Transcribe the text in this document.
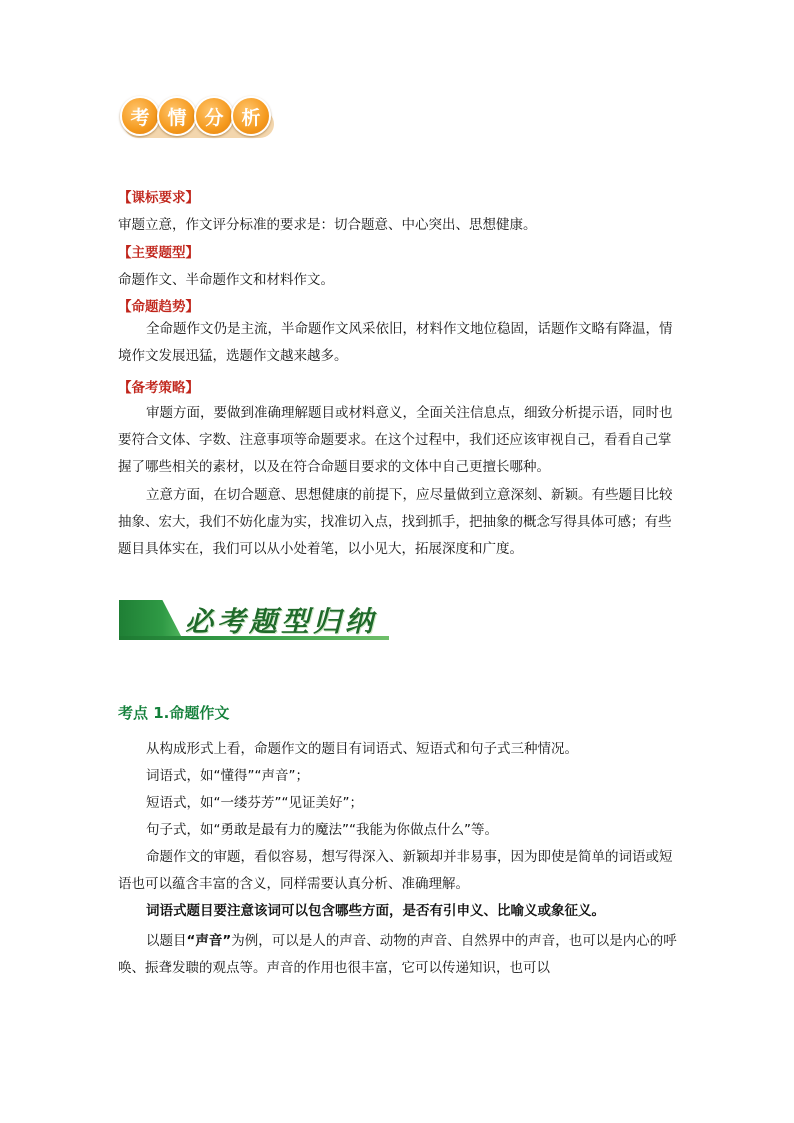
考 情 分 析
【课标要求】
审题立意，作文评分标准的要求是：切合题意、中心突出、思想健康。
【主要题型】
命题作文、半命题作文和材料作文。
【命题趋势】
全命题作文仍是主流，半命题作文风采依旧，材料作文地位稳固，话题作文略有降温，情境作文发展迅猛，选题作文越来越多。
【备考策略】
审题方面，要做到准确理解题目或材料意义，全面关注信息点，细致分析提示语，同时也要符合文体、字数、注意事项等命题要求。在这个过程中，我们还应该审视自己，看看自己掌握了哪些相关的素材，以及在符合命题目要求的文体中自己更擅长哪种。
立意方面，在切合题意、思想健康的前提下，应尽量做到立意深刻、新颖。有些题目比较抽象、宏大，我们不妨化虚为实，找准切入点，找到抓手，把抽象的概念写得具体可感；有些题目具体实在，我们可以从小处着笔，以小见大，拓展深度和广度。
必考题型归纳
考点 1.命题作文
从构成形式上看，命题作文的题目有词语式、短语式和句子式三种情况。
词语式，如“懂得”“声音”；
短语式，如“一缕芬芳”“见证美好”；
句子式，如“勇敢是最有力的魔法”“我能为你做点什么”等。
命题作文的审题，看似容易，想写得深入、新颖却并非易事，因为即使是简单的词语或短语也可以蕴含丰富的含义，同样需要认真分析、准确理解。
词语式题目要注意该词可以包含哪些方面，是否有引申义、比喻义或象征义。
以题目“声音”为例，可以是人的声音、动物的声音、自然界中的声音，也可以是内心的呼唤、振聋发聩的观点等。声音的作用也很丰富，它可以传递知识，也可以
